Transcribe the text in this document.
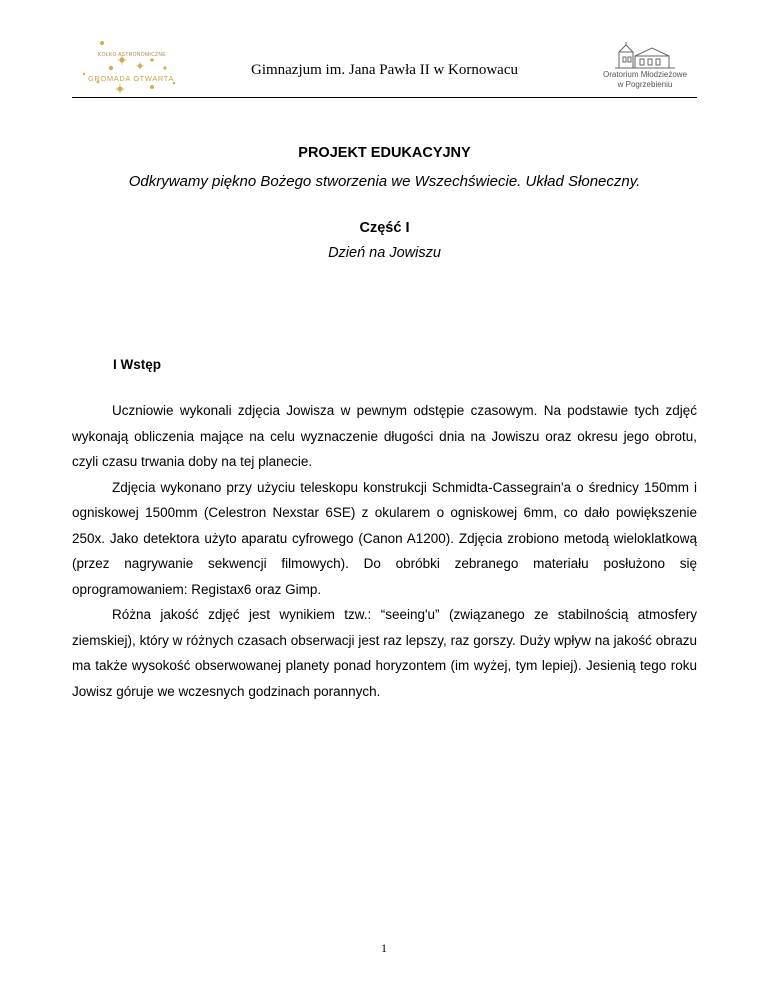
KOŁKO ASTRONOMICZNE
GROMADA OTWARTA
Gimnazjum im. Jana Pawła II w Kornowacu	Oratorium Młodzieżowe
w Pogrzebieniu
PROJEKT EDUKACYJNY
Odkrywamy piękno Bożego stworzenia we Wszechświecie. Układ Słoneczny.
Część I
Dzień na Jowiszu
I Wstęp

Uczniowie wykonali zdjęcia Jowisza w pewnym odstępie czasowym. Na podstawie tych zdjęć wykonają obliczenia mające na celu wyznaczenie długości dnia na Jowiszu oraz okresu jego obrotu, czyli czasu trwania doby na tej planecie.

Zdjęcia wykonano przy użyciu teleskopu konstrukcji Schmidta-Cassegrain'a o średnicy 150mm i ogniskowej 1500mm (Celestron Nexstar 6SE) z okularem o ogniskowej 6mm, co dało powiększenie 250x. Jako detektora użyto aparatu cyfrowego (Canon A1200). Zdjęcia zrobiono metodą wieloklatkową (przez nagrywanie sekwencji filmowych). Do obróbki zebranego materiału posłużono się oprogramowaniem: Registax6 oraz Gimp.

Różna jakość zdjęć jest wynikiem tzw.: “seeing'u” (związanego ze stabilnością atmosfery ziemskiej), który w różnych czasach obserwacji jest raz lepszy, raz gorszy. Duży wpływ na jakość obrazu ma także wysokość obserwowanej planety ponad horyzontem (im wyżej, tym lepiej). Jesienią tego roku Jowisz góruje we wczesnych godzinach porannych.

1
